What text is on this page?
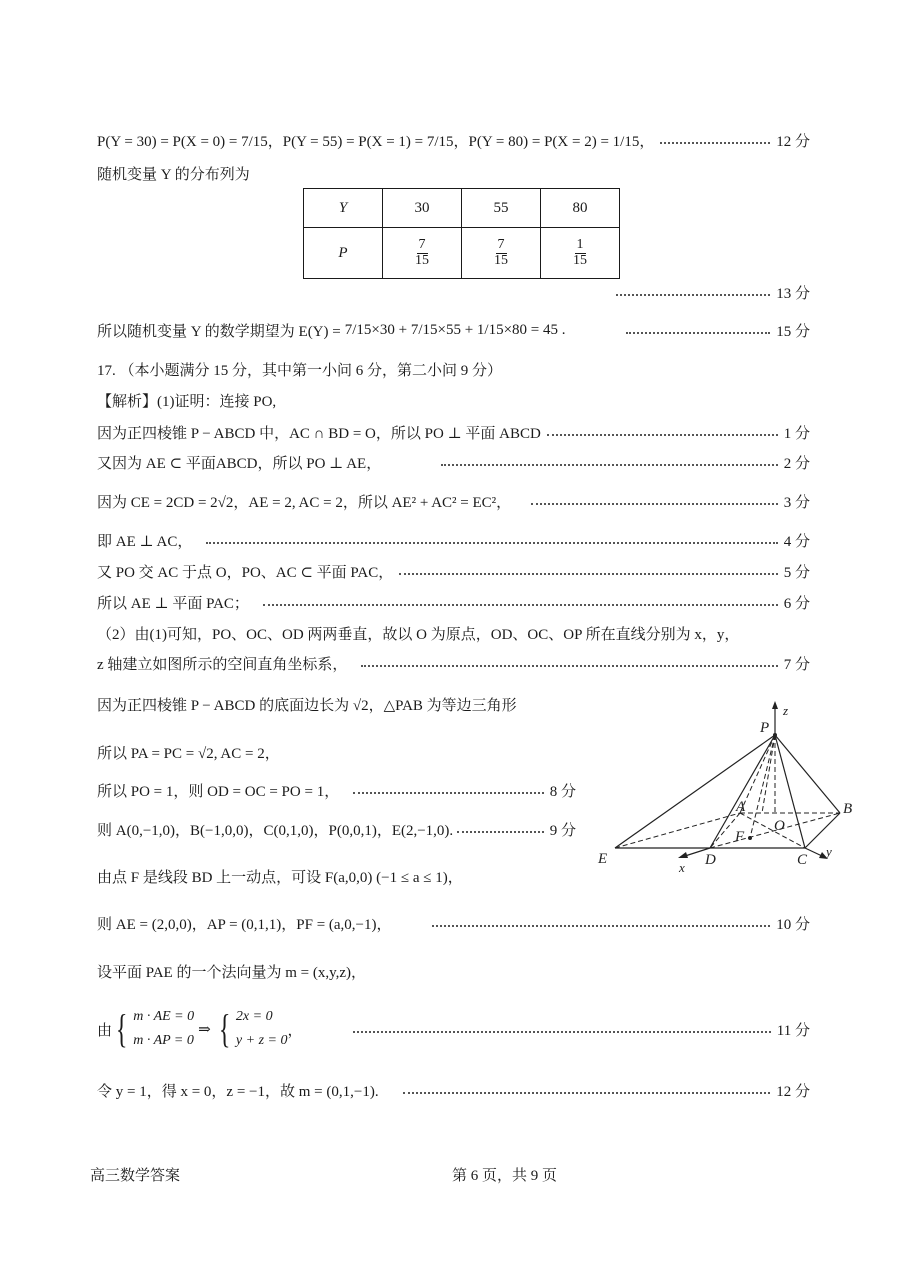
P(Y = 30) = P(X = 0) = 7/15，P(Y = 55) = P(X = 1) = 7/15，P(Y = 80) = P(X = 2) = 1/15，	12 分
随机变量 Y 的分布列为
Y	30	55	80
P	$\frac{7}{15}$	$\frac{7}{15}$	$\frac{1}{15}$
13 分
所以随机变量 Y 的数学期望为 E(Y) = 7/15×30 + 7/15×55 + 1/15×80 = 45 .	15 分
17. （本小题满分 15 分，其中第一小问 6 分，第二小问 9 分）
【解析】(1)证明：连接 PO,
因为正四棱锥 P − ABCD 中，AC ∩ BD = O，所以 PO ⊥ 平面 ABCD	1 分
又因为 AE ⊂ 平面ABCD，所以 PO ⊥ AE，	2 分
因为 CE = 2CD = 2√2，AE = 2, AC = 2，所以 AE² + AC² = EC²，	3 分
即 AE ⊥ AC，	4 分
又 PO 交 AC 于点 O，PO、AC ⊂ 平面 PAC，	5 分
所以 AE ⊥ 平面 PAC；	6 分
（2）由(1)可知，PO、OC、OD 两两垂直，故以 O 为原点，OD、OC、OP 所在直线分别为 x，y，
z 轴建立如图所示的空间直角坐标系，	7 分
因为正四棱锥 P − ABCD 的底面边长为 √2，△PAB 为等边三角形
所以 PA = PC = √2, AC = 2，
所以 PO = 1，则 OD = OC = PO = 1，	8 分
则 A(0,−1,0)，B(−1,0,0)，C(0,1,0)，P(0,0,1)，E(2,−1,0).	9 分
由点 F 是线段 BD 上一动点，可设 F(a,0,0) (−1 ≤ a ≤ 1)，
则 AE = (2,0,0)，AP = (0,1,1)，PF = (a,0,−1)，	10 分
设平面 PAE 的一个法向量为 m = (x,y,z)，
由 { m · AE = 0
m · AP = 0
⇒ { 2x = 0
y + z = 0
，	11 分
令 y = 1，得 x = 0，z = −1，故 m = (0,1,−1).	12 分
P
z
A	B
O
F
E	D	C
x
y
高三数学答案	第 6 页，共 9 页
